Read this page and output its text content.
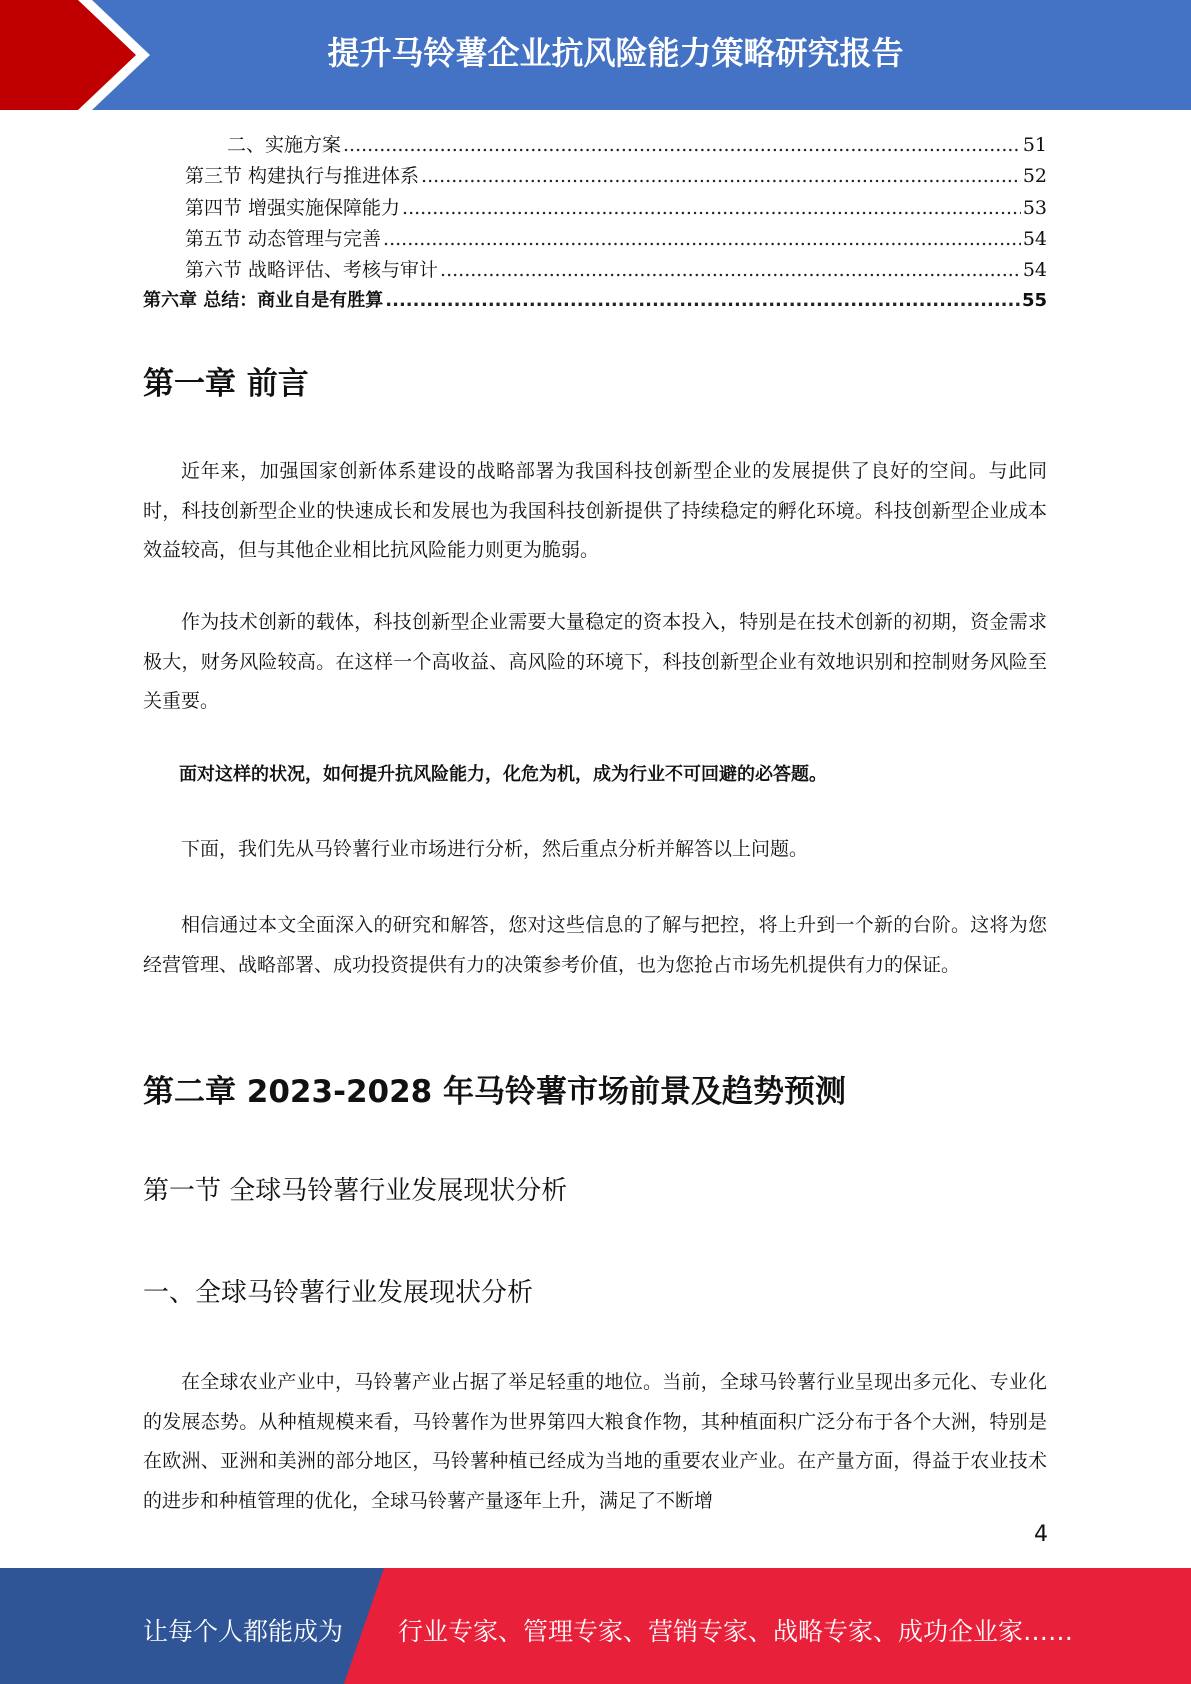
提升马铃薯企业抗风险能力策略研究报告
二、实施方案 .....	51
第三节 构建执行与推进体系 .....	52
第四节 增强实施保障能力 .....	53
第五节 动态管理与完善 .....	54
第六节 战略评估、考核与审计 .....	54
第六章 总结：商业自是有胜算 .....	55
第一章 前言

近年来，加强国家创新体系建设的战略部署为我国科技创新型企业的发展提供了良好的空间。与此同时，科技创新型企业的快速成长和发展也为我国科技创新提供了持续稳定的孵化环境。科技创新型企业成本效益较高，但与其他企业相比抗风险能力则更为脆弱。

作为技术创新的载体，科技创新型企业需要大量稳定的资本投入，特别是在技术创新的初期，资金需求极大，财务风险较高。在这样一个高收益、高风险的环境下，科技创新型企业有效地识别和控制财务风险至关重要。

面对这样的状况，如何提升抗风险能力，化危为机，成为行业不可回避的必答题。

下面，我们先从马铃薯行业市场进行分析，然后重点分析并解答以上问题。

相信通过本文全面深入的研究和解答，您对这些信息的了解与把控，将上升到一个新的台阶。这将为您经营管理、战略部署、成功投资提供有力的决策参考价值，也为您抢占市场先机提供有力的保证。

第二章 2023-2028 年马铃薯市场前景及趋势预测
第一节 全球马铃薯行业发展现状分析
一、全球马铃薯行业发展现状分析

在全球农业产业中，马铃薯产业占据了举足轻重的地位。当前，全球马铃薯行业呈现出多元化、专业化的发展态势。从种植规模来看，马铃薯作为世界第四大粮食作物，其种植面积广泛分布于各个大洲，特别是在欧洲、亚洲和美洲的部分地区，马铃薯种植已经成为当地的重要农业产业。在产量方面，得益于农业技术的进步和种植管理的优化，全球马铃薯产量逐年上升，满足了不断增

4
让每个人都能成为 行业专家、管理专家、营销专家、战略专家、成功企业家……
